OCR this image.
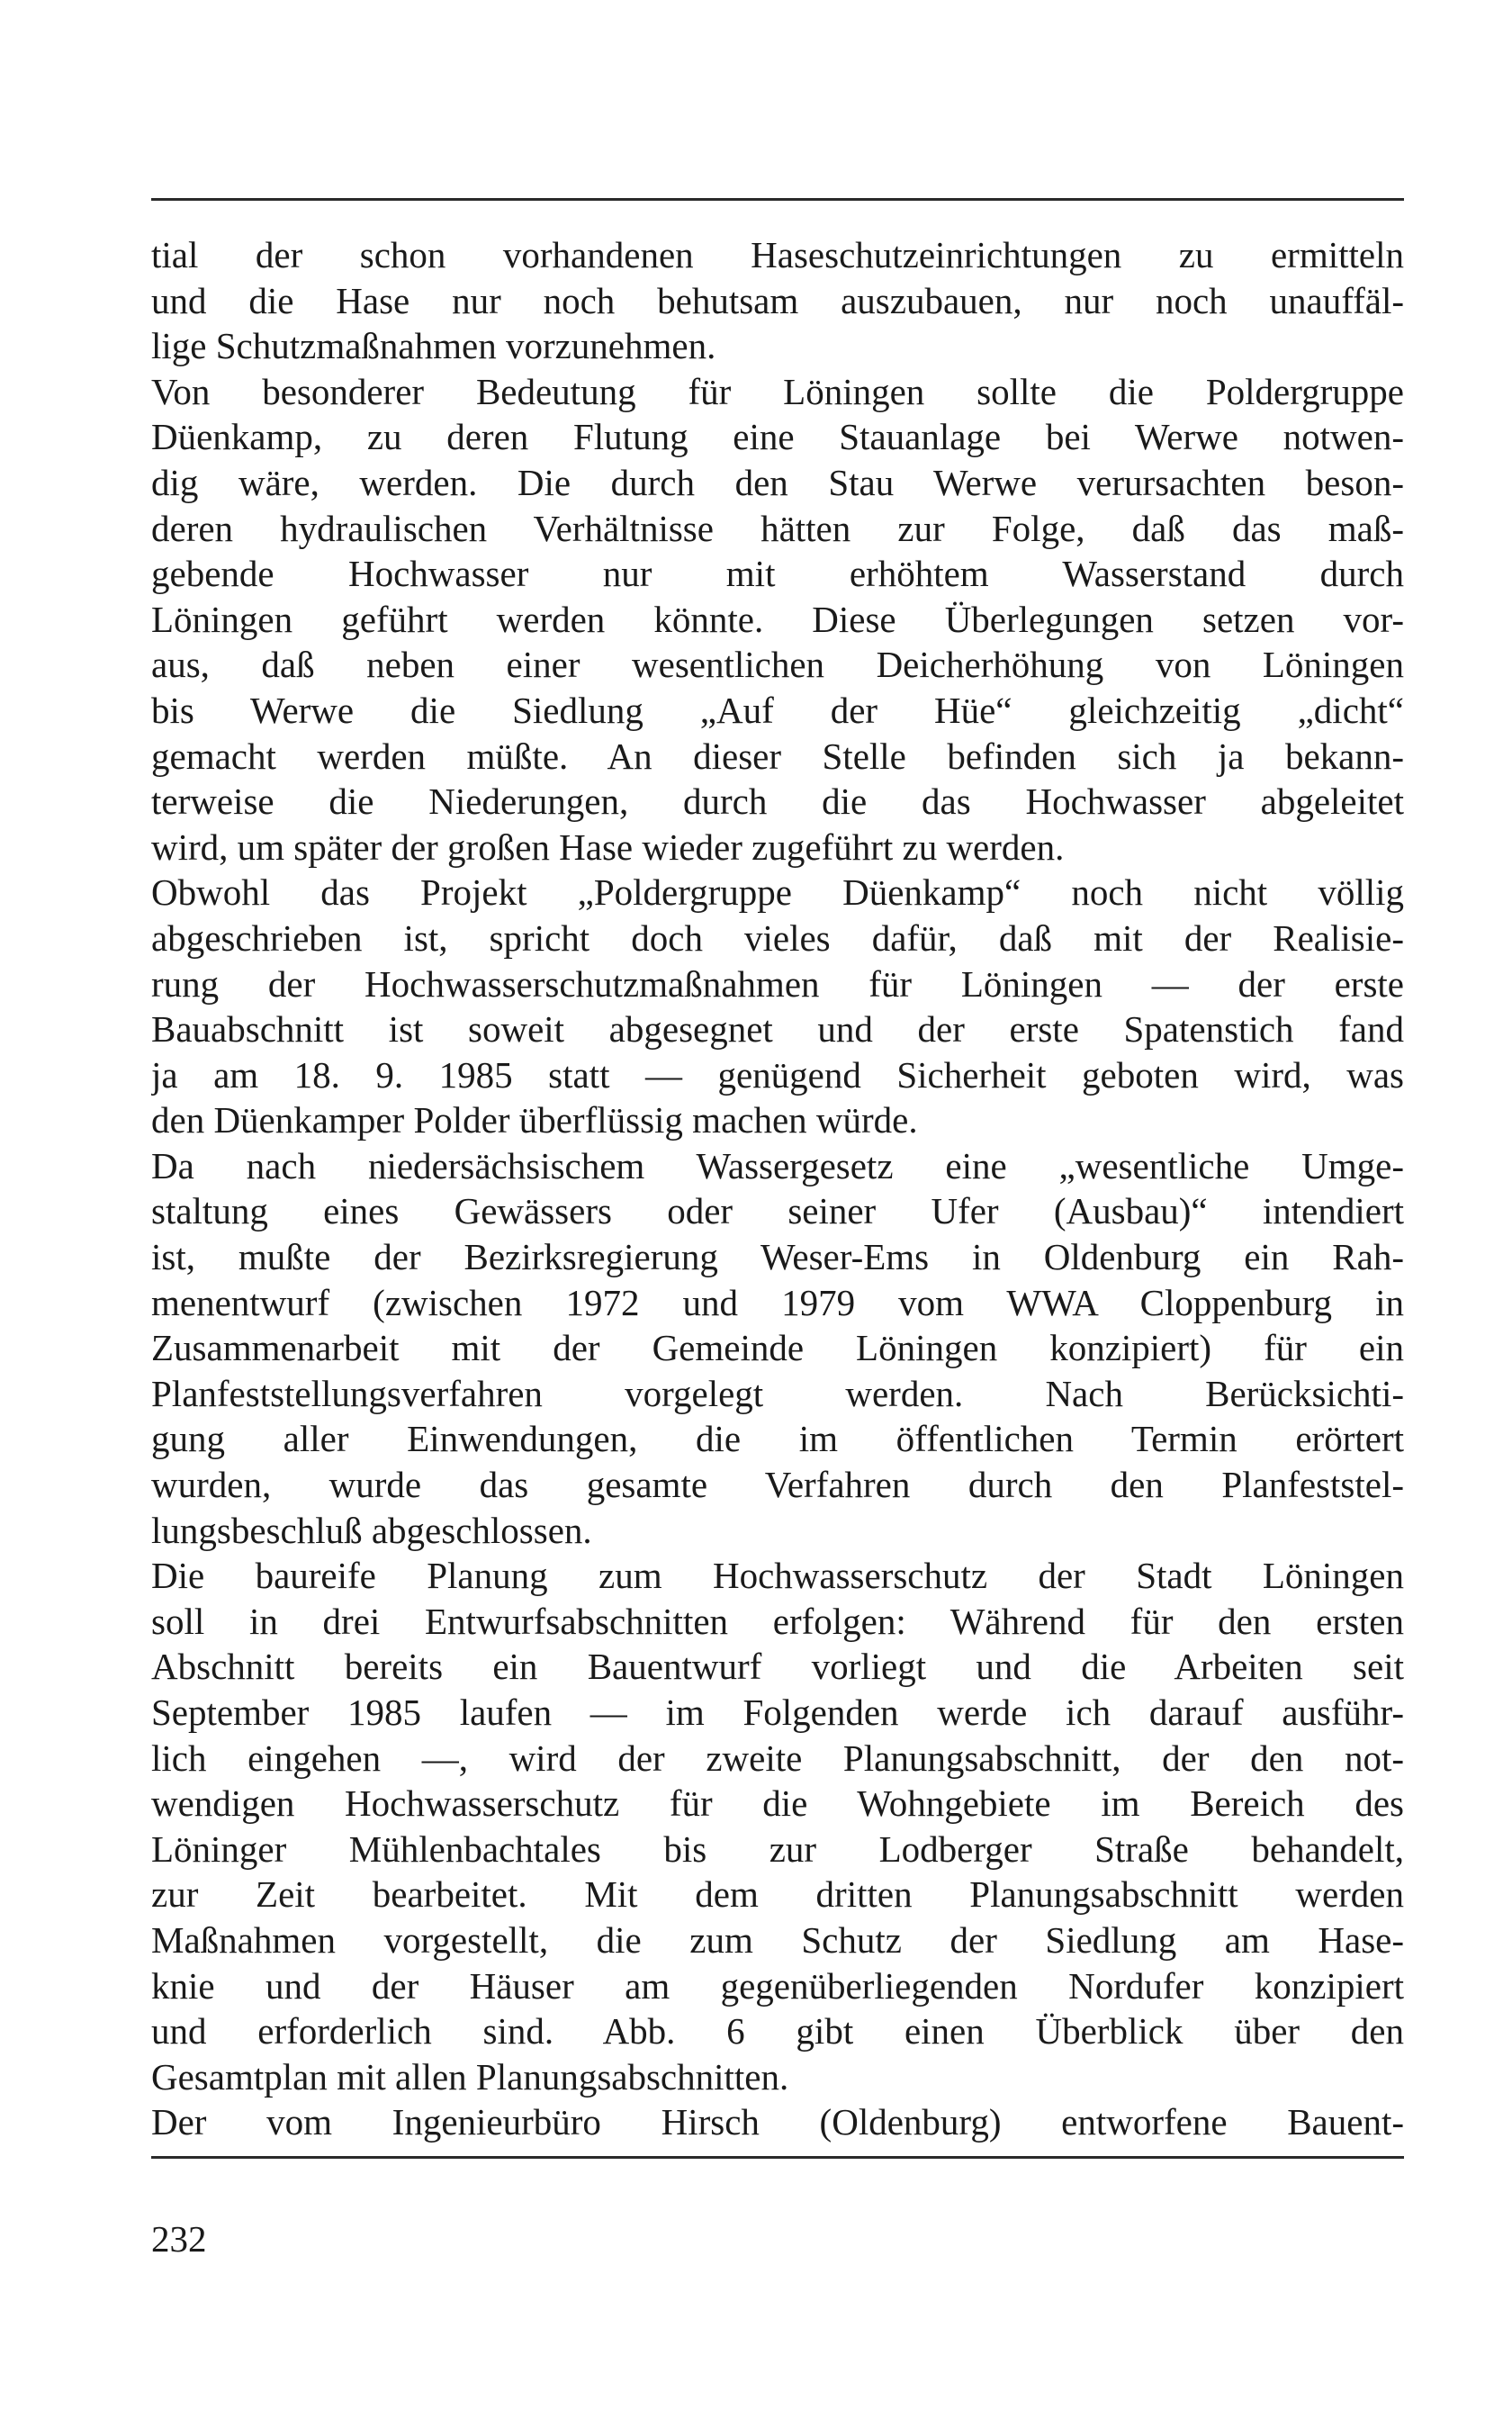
tial der schon vorhandenen Haseschutzeinrichtungen zu ermitteln
und die Hase nur noch behutsam auszubauen, nur noch unauffäl-
lige Schutzmaßnahmen vorzunehmen.
Von besonderer Bedeutung für Löningen sollte die Poldergruppe
Düenkamp, zu deren Flutung eine Stauanlage bei Werwe notwen-
dig wäre, werden. Die durch den Stau Werwe verursachten beson-
deren hydraulischen Verhältnisse hätten zur Folge, daß das maß-
gebende Hochwasser nur mit erhöhtem Wasserstand durch
Löningen geführt werden könnte. Diese Überlegungen setzen vor-
aus, daß neben einer wesentlichen Deicherhöhung von Löningen
bis Werwe die Siedlung „Auf der Hüe“ gleichzeitig „dicht“
gemacht werden müßte. An dieser Stelle befinden sich ja bekann-
terweise die Niederungen, durch die das Hochwasser abgeleitet
wird, um später der großen Hase wieder zugeführt zu werden.
Obwohl das Projekt „Poldergruppe Düenkamp“ noch nicht völlig
abgeschrieben ist, spricht doch vieles dafür, daß mit der Realisie-
rung der Hochwasserschutzmaßnahmen für Löningen — der erste
Bauabschnitt ist soweit abgesegnet und der erste Spatenstich fand
ja am 18. 9. 1985 statt — genügend Sicherheit geboten wird, was
den Düenkamper Polder überflüssig machen würde.
Da nach niedersächsischem Wassergesetz eine „wesentliche Umge-
staltung eines Gewässers oder seiner Ufer (Ausbau)“ intendiert
ist, mußte der Bezirksregierung Weser-Ems in Oldenburg ein Rah-
menentwurf (zwischen 1972 und 1979 vom WWA Cloppenburg in
Zusammenarbeit mit der Gemeinde Löningen konzipiert) für ein
Planfeststellungsverfahren vorgelegt werden. Nach Berücksichti-
gung aller Einwendungen, die im öffentlichen Termin erörtert
wurden, wurde das gesamte Verfahren durch den Planfeststel-
lungsbeschluß abgeschlossen.
Die baureife Planung zum Hochwasserschutz der Stadt Löningen
soll in drei Entwurfsabschnitten erfolgen: Während für den ersten
Abschnitt bereits ein Bauentwurf vorliegt und die Arbeiten seit
September 1985 laufen — im Folgenden werde ich darauf ausführ-
lich eingehen —, wird der zweite Planungsabschnitt, der den not-
wendigen Hochwasserschutz für die Wohngebiete im Bereich des
Löninger Mühlenbachtales bis zur Lodberger Straße behandelt,
zur Zeit bearbeitet. Mit dem dritten Planungsabschnitt werden
Maßnahmen vorgestellt, die zum Schutz der Siedlung am Hase-
knie und der Häuser am gegenüberliegenden Nordufer konzipiert
und erforderlich sind. Abb. 6 gibt einen Überblick über den
Gesamtplan mit allen Planungsabschnitten.
Der vom Ingenieurbüro Hirsch (Oldenburg) entworfene Bauent-
232
